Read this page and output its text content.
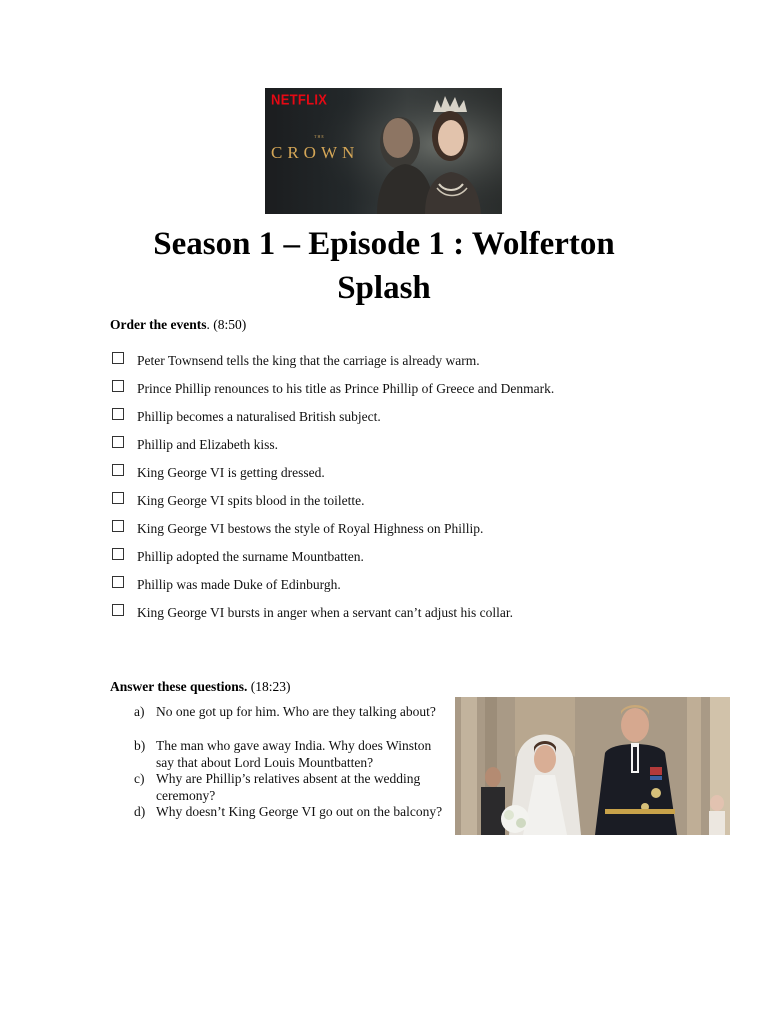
NETFLIX
THE
CROWN
Season 1 – Episode 1 : Wolferton
Splash
Order the events. (8:50)
Peter Townsend tells the king that the carriage is already warm.
Prince Phillip renounces to his title as Prince Phillip of Greece and Denmark.
Phillip becomes a naturalised British subject.
Phillip and Elizabeth kiss.
King George VI is getting dressed.
King George VI spits blood in the toilette.
King George VI bestows the style of Royal Highness on Phillip.
Phillip adopted the surname Mountbatten.
Phillip was made Duke of Edinburgh.
King George VI bursts in anger when a servant can’t adjust his collar.
Answer these questions. (18:23)
a) No one got up for him. Who are they talking about?
b) The man who gave away India. Why does Winston say that about Lord Louis Mountbatten?
c) Why are Phillip’s relatives absent at the wedding ceremony?
d) Why doesn’t King George VI go out on the balcony?
